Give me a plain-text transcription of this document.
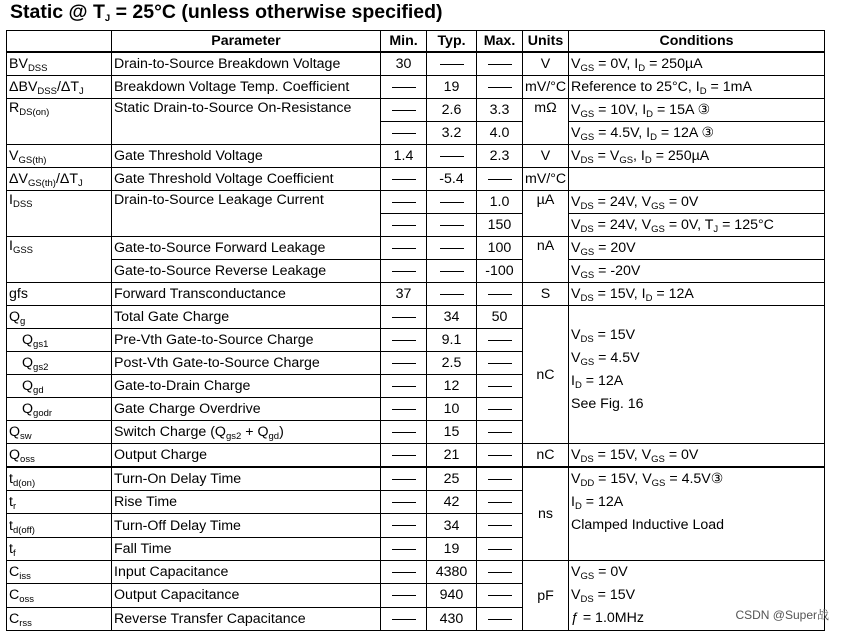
Static @ $T_J = 25^\circ C$ (unless otherwise specified)
	Parameter	Min.	Typ.	Max.	Units	Conditions
$BV_{DSS}$	Drain-to-Source Breakdown Voltage	30			V	$V_{GS} = 0V$, $I_D = 250\mu A$
$\Delta BV_{DSS}/\Delta T_J$	Breakdown Voltage Temp. Coefficient		19		mV/°C	Reference to 25°C, $I_D = 1mA$
$R_{DS(on)}$	Static Drain-to-Source On-Resistance		2.6	3.3	mΩ	$V_{GS} = 10V$, $I_D = 15A$ ③
			3.2	4.0		$V_{GS} = 4.5V$, $I_D = 12A$ ③
$V_{GS(th)}$	Gate Threshold Voltage	1.4		2.3	V	$V_{DS} = V_{GS}$, $I_D = 250\mu A$
$\Delta V_{GS(th)}/\Delta T_J$	Gate Threshold Voltage Coefficient		-5.4		mV/°C	
$I_{DSS}$	Drain-to-Source Leakage Current			1.0	µA	$V_{DS} = 24V$, $V_{GS} = 0V$
				150		$V_{DS} = 24V$, $V_{GS} = 0V$, $T_J = 125^\circ C$
$I_{GSS}$	Gate-to-Source Forward Leakage			100	nA	$V_{GS} = 20V$
	Gate-to-Source Reverse Leakage			-100		$V_{GS} = -20V$
gfs	Forward Transconductance	37			S	$V_{DS} = 15V$, $I_D = 12A$
$Q_g$	Total Gate Charge		34	50	nC	$V_{DS} = 15V$
$V_{GS} = 4.5V$
$I_D = 12A$
See Fig. 16

$Q_{gs1}$	Pre-Vth Gate-to-Source Charge		9.1			
$Q_{gs2}$	Post-Vth Gate-to-Source Charge		2.5			
$Q_{gd}$	Gate-to-Drain Charge		12			
$Q_{godr}$	Gate Charge Overdrive		10			
$Q_{sw}$	Switch Charge $(Q_{gs2} + Q_{gd})$		15			
$Q_{oss}$	Output Charge		21		nC	$V_{DS} = 15V$, $V_{GS} = 0V$
$t_{d(on)}$	Turn-On Delay Time		25		ns	$V_{DD} = 15V$, $V_{GS}$ = 4.5V③
$I_D = 12A$
Clamped Inductive Load

$t_r$	Rise Time		42			
$t_{d(off)}$	Turn-Off Delay Time		34			
$t_f$	Fall Time		19			
$C_{iss}$	Input Capacitance		4380		pF	$V_{GS} = 0V$
$V_{DS} = 15V$
ƒ = 1.0MHz

$C_{oss}$	Output Capacitance		940			
$C_{rss}$	Reverse Transfer Capacitance		430				CSDN @Super战
